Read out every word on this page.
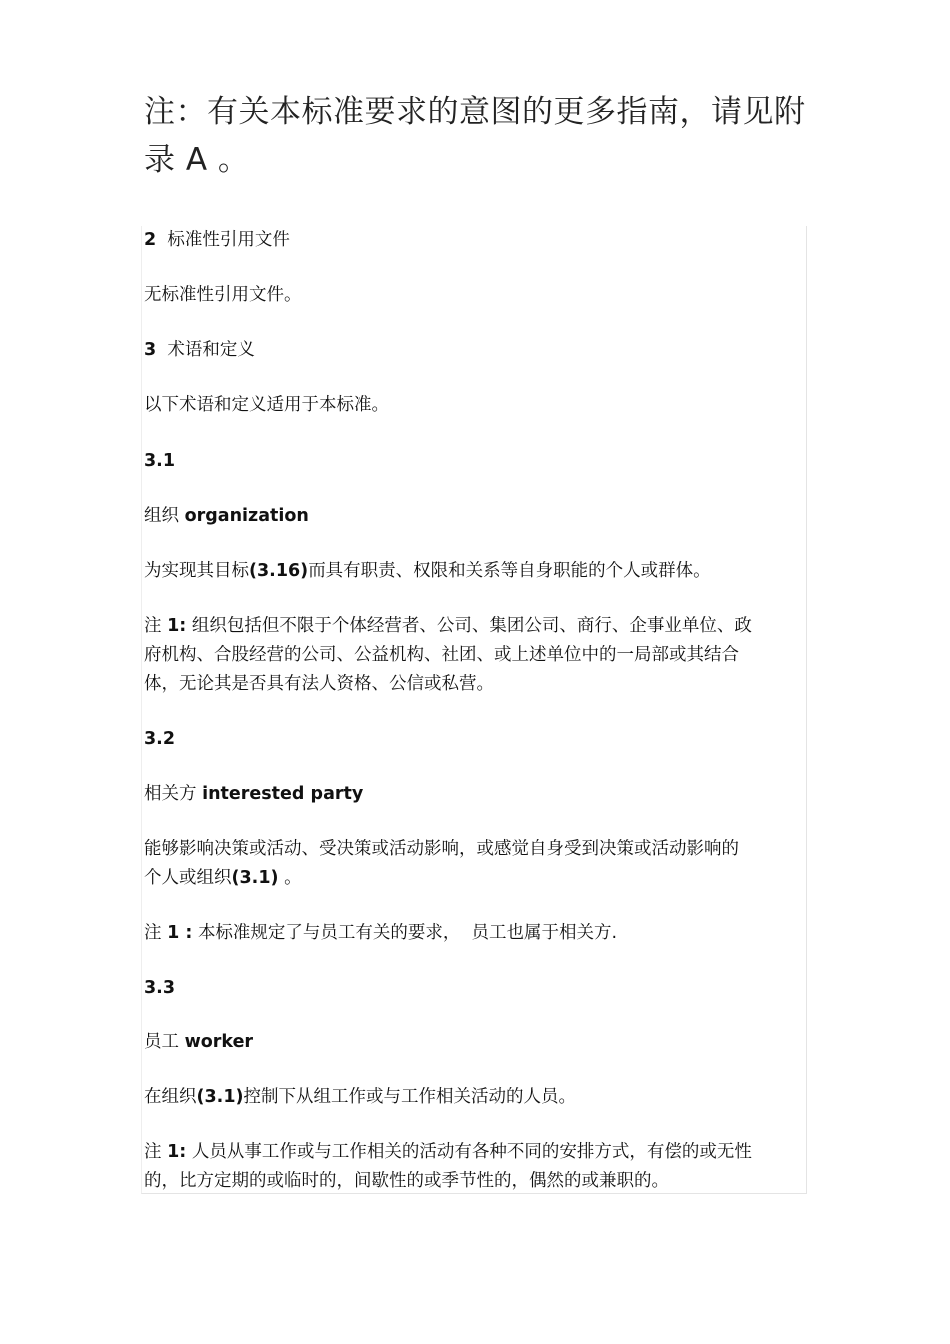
注：有关本标准要求的意图的更多指南，请见附录 A 。

2 标准性引用文件

无标准性引用文件。

3 术语和定义

以下术语和定义适用于本标准。

3.1

组织 organization

为实现其目标(3.16)而具有职责、权限和关系等自身职能的个人或群体。

注 1: 组织包括但不限于个体经营者、公司、集团公司、商行、企事业单位、政

府机构、合股经营的公司、公益机构、社团、或上述单位中的一局部或其结合

体，无论其是否具有法人资格、公信或私营。

3.2

相关方 interested party

能够影响决策或活动、受决策或活动影响，或感觉自身受到决策或活动影响的

个人或组织(3.1) 。

注 1 : 本标准规定了与员工有关的要求，  员工也属于相关方.

3.3

员工 worker

在组织(3.1)控制下从组工作或与工作相关活动的人员。

注 1: 人员从事工作或与工作相关的活动有各种不同的安排方式，有偿的或无性

的，比方定期的或临时的，间歇性的或季节性的，偶然的或兼职的。
